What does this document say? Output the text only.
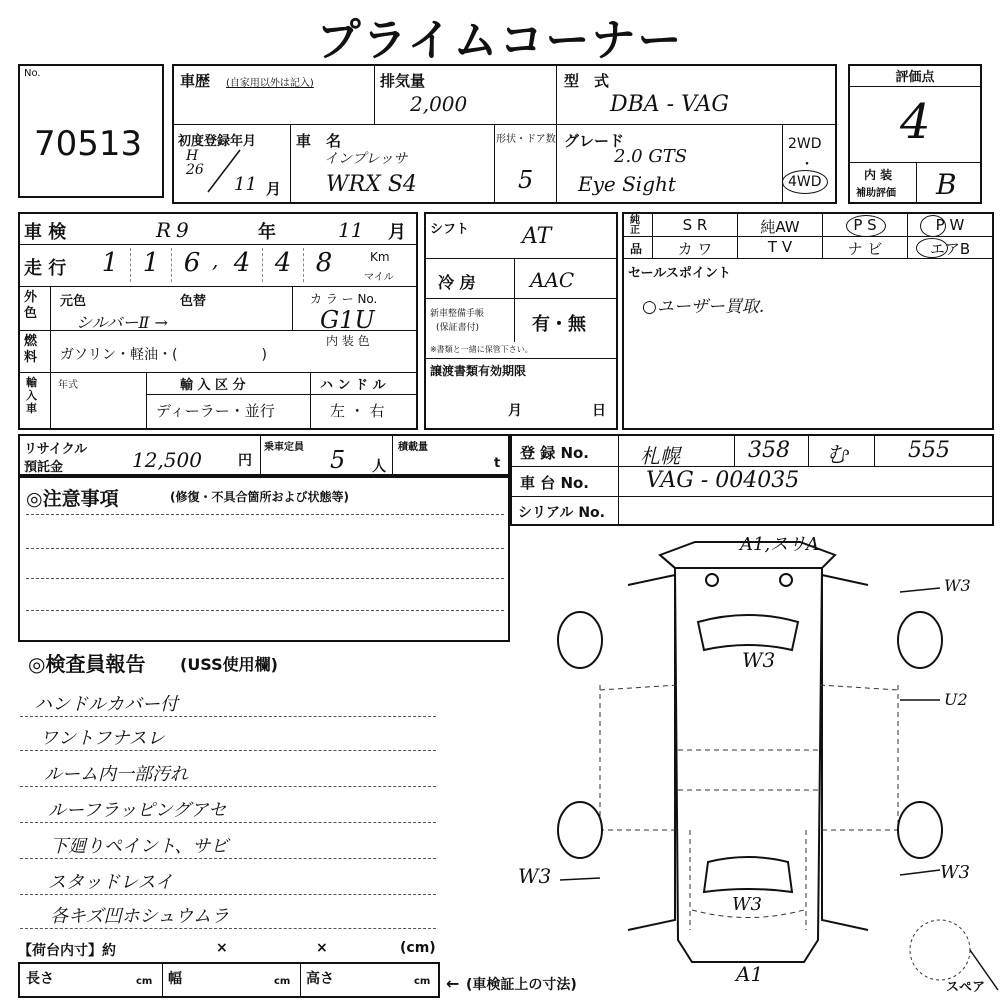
プライムコーナー
No.
70513
車歴 (自家用以外は記入)	排気量
2,000
型　式
DBA - VAG
初度登録年月
H
26
11 月
車　名
インプレッサ
WRX S4
形状・ドア数
5
グレード
2.0 GTS
Eye Sight
2WD
・
4WD
評価点
4
内 装
補助評価 B
車 検	R 9	年	11 月
走 行	1 1 6 , 4 4 8	Km
マイル
外色
元色	色替
シルバーⅡ →
カ ラ ー No.
G1U
燃料	ガソリン・軽油・(　　　　　　)
内 装 色
輸入車
年式	輸 入 区 分
ディーラー・並行
ハ ン ド ル
左 ・ 右
シフト AT
冷 房	AAC
新車整備手帳
(保証書付)	有・無
※書類と一緒に保管下さい。
譲渡書類有効期限
月	日
純正
品
S R	純AW	P S	P W
カ ワ	T V	ナ ビ	エアB
セールスポイント
○ユーザー買取.
リサイクル
預託金	12,500	円
乗車定員 5 人
積載量
t
登 録 No.	札幌	358 む	555
車 台 No.	VAG - 004035
シリアル No.
◎注意事項	(修復・不具合箇所および状態等)
◎検査員報告 (USS使用欄)
ハンドルカバー付
ワントフナスレ
ルーム内一部汚れ
ルーフラッピングアセ
下廻りペイント、サビ
スタッドレスイ
各キズ凹ホシュウムラ
【荷台内寸】約	×	×	(cm)
長さ	cm 幅	cm 高さ	cm ← (車検証上の寸法)
A1,スリA
W3
W3
U2
W3	W3
W3
A1
スペア
